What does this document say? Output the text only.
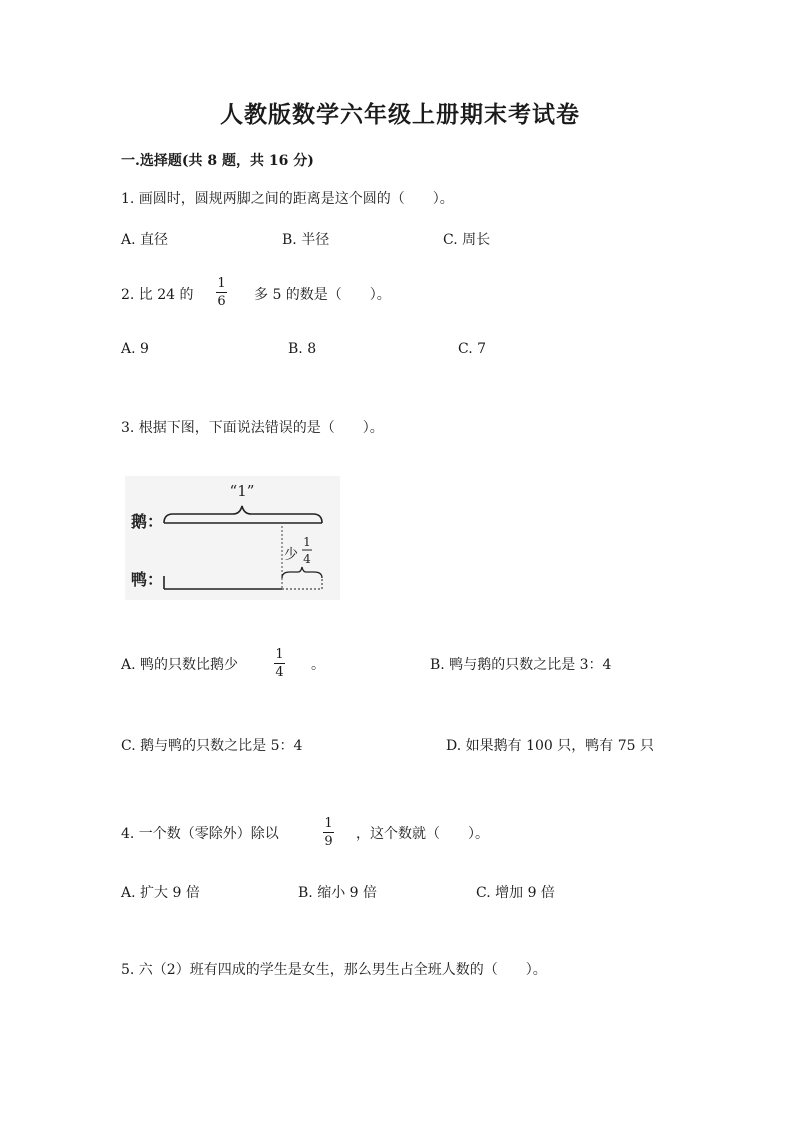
人教版数学六年级上册期末考试卷
一.选择题(共 8 题，共 16 分)
1. 画圆时，圆规两脚之间的距离是这个圆的（　　）。
A. 直径	B. 半径	C. 周长
2. 比 24 的
1
6 多 5 的数是（　　）。
A. 9	B. 8	C. 7
3. 根据下图，下面说法错误的是（　　）。
“1”
鹅：
少
1
4
鸭：
A. 鸭的只数比鹅少
1
4 。	B. 鸭与鹅的只数之比是 3：4
C. 鹅与鸭的只数之比是 5：4	D. 如果鹅有 100 只，鸭有 75 只
4. 一个数（零除外）除以
1
9 ，这个数就（　　）。
A. 扩大 9 倍	B. 缩小 9 倍	C. 增加 9 倍
5. 六（2）班有四成的学生是女生，那么男生占全班人数的（　　）。
